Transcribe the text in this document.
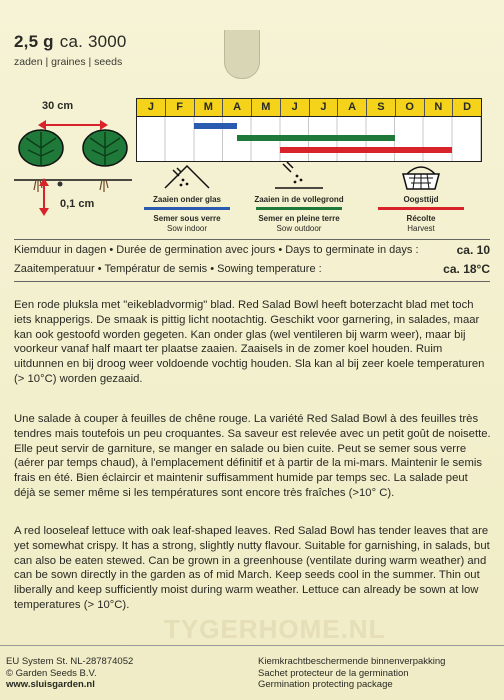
2,5 g ca. 3000
zaden | graines | seeds
30 cm
0,1 cm
J	F	M	A	M	J	J	A	S	O	N	D
Zaaien onder glas
Semer sous verre
Sow indoor
Zaaien in de vollegrond
Semer en pleine terre
Sow outdoor
Oogsttijd
Récolte
Harvest
Kiemduur in dagen • Durée de germination avec jours • Days to germinate in days :	ca. 10
Zaaitemperatuur • Températur de semis • Sowing temperature :	ca. 18°C
Een rode pluksla met "eikebladvormig" blad. Red Salad Bowl heeft boterzacht blad met toch iets knapperigs. De smaak is pittig licht nootachtig. Geschikt voor garnering, in salades, maar kan ook gestoofd worden gegeten. Kan onder glas (wel ventileren bij warm weer), maar bij voorkeur vanaf half maart ter plaatse zaaien. Zaaisels in de zomer koel houden. Ruim uitdunnen en bij droog weer voldoende vochtig houden. Sla kan al bij zeer koele temperaturen (> 10°C) worden gezaaid.
Une salade à couper à feuilles de chêne rouge. La variété Red Salad Bowl à des feuilles très tendres mais toutefois un peu croquantes. Sa saveur est relevée avec un petit goût de noisette. Elle peut servir de garniture, se manger en salade ou bien cuite. Peut se semer sous verre (aérer par temps chaud), à l'emplacement définitif et à partir de la mi-mars. Maintenir le semis frais en été. Bien éclaircir et maintenir suffisamment humide par temps sec. La salade peut déjà se semer même si les températures sont encore très fraîches (>10° C).
A red looseleaf lettuce with oak leaf-shaped leaves. Red Salad Bowl has tender leaves that are yet somewhat crispy. It has a strong, slightly nutty flavour. Suitable for garnishing, in salads, but can also be eaten stewed. Can be grown in a greenhouse (ventilate during warm weather) and can be sown directly in the garden as of mid March. Keep seeds cool in the summer. Thin out liberally and keep sufficiently moist during warm weather. Lettuce can already be sown at low temperatures (> 10°C).
TYGERHOME.NL
EU System St. NL-287874052
© Garden Seeds B.V.
www.sluisgarden.nl
Kiemkrachtbeschermende binnenverpakking
Sachet protecteur de la germination
Germination protecting package
